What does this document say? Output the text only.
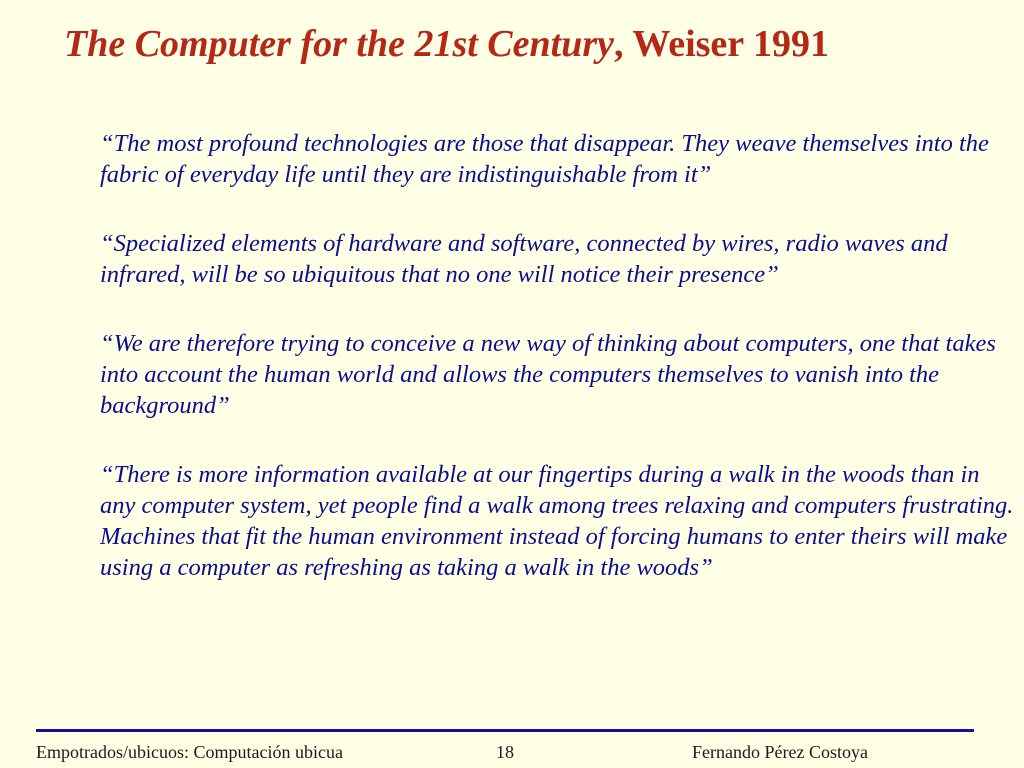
The Computer for the 21st Century, Weiser 1991
“The most profound technologies are those that disappear. They weave themselves into the fabric of everyday life until they are indistinguishable from it”
“Specialized elements of hardware and software, connected by wires, radio waves and infrared, will be so ubiquitous that no one will notice their presence”
“We are therefore trying to conceive a new way of thinking about computers, one that takes into account the human world and allows the computers themselves to vanish into the background”
“There is more information available at our fingertips during a walk in the woods than in any computer system, yet people find a walk among trees relaxing and computers frustrating. Machines that fit the human environment instead of forcing humans to enter theirs will make using a computer as refreshing as taking a walk in the woods”
Empotrados/ubicuos: Computación ubicua	18	Fernando Pérez Costoya
